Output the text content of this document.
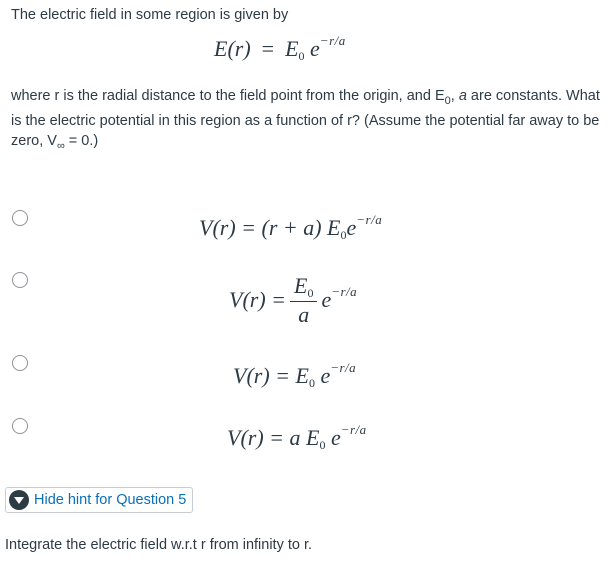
The electric field in some region is given by
E(r) = E0 $e^{-r/a}$
where r is the radial distance to the field point from the origin, and $E_0$, a are constants. What is the electric potential in this region as a function of r? (Assume the potential far away to be zero, $V_\infty = 0$.)
V(r) = (r + a) $E0e^{-r/a}$
$V(r) = \frac{E0}{a} e^{-r/a}$
V(r) = E0 $e^{-r/a}$
V(r) = a E0 $e^{-r/a}$
Hide hint for Question 5
Integrate the electric field w.r.t r from infinity to r.
